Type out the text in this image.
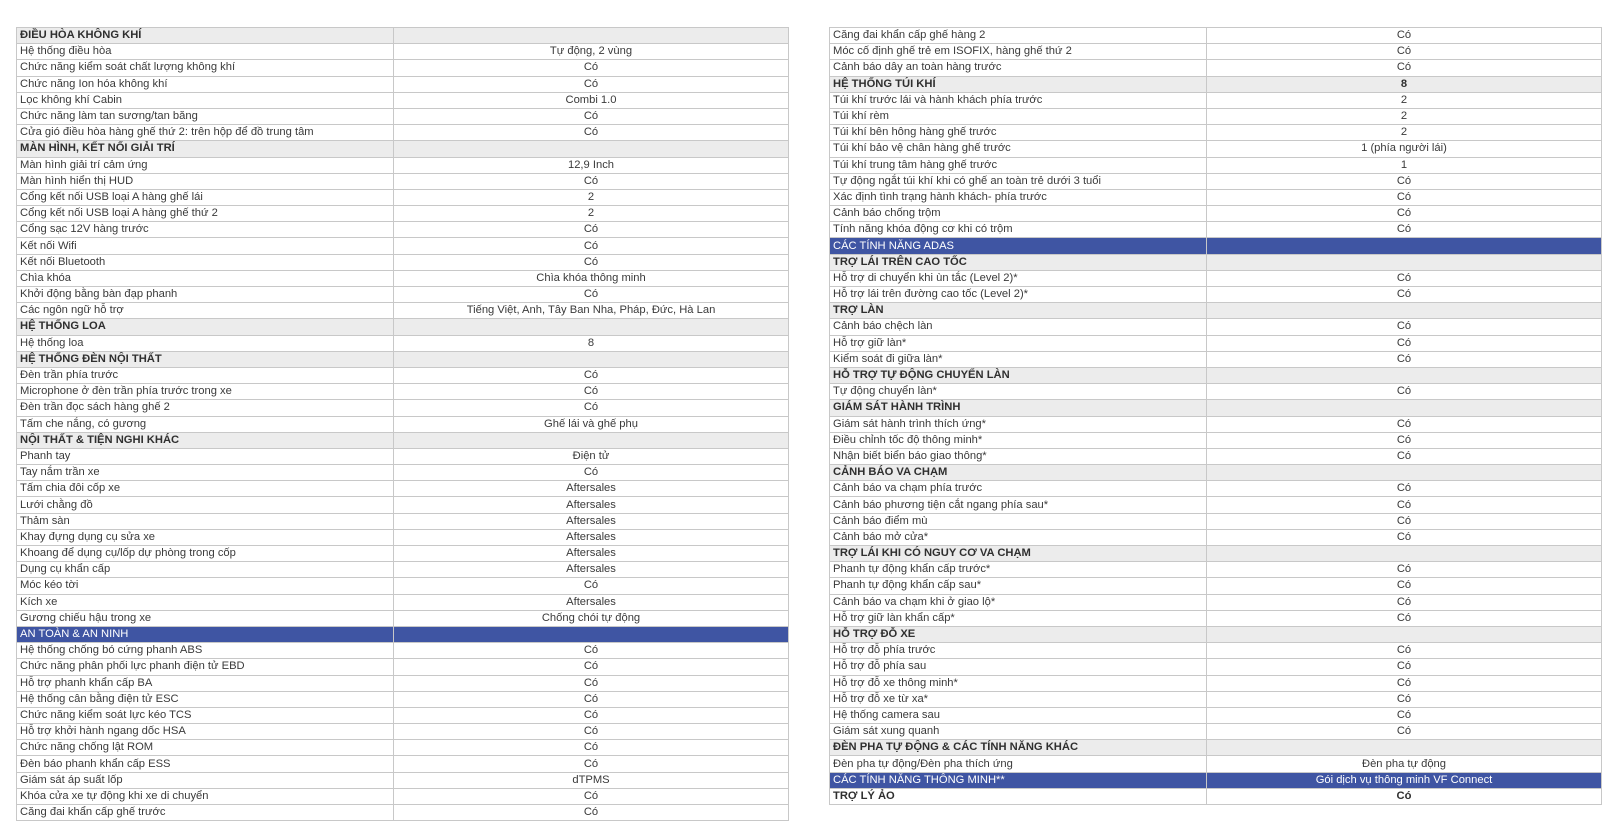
ĐIỀU HÒA KHÔNG KHÍ	
Hệ thống điều hòa	Tự động, 2 vùng
Chức năng kiểm soát chất lượng không khí	Có
Chức năng Ion hóa không khí	Có
Lọc không khí Cabin	Combi 1.0
Chức năng làm tan sương/tan băng	Có
Cửa gió điều hòa hàng ghế thứ 2: trên hộp để đồ trung tâm	Có
MÀN HÌNH, KẾT NỐI GIẢI TRÍ	
Màn hình giải trí cảm ứng	12,9 Inch
Màn hình hiển thị HUD	Có
Cổng kết nối USB loại A hàng ghế lái	2
Cổng kết nối USB loại A hàng ghế thứ 2	2
Cổng sạc 12V hàng trước	Có
Kết nối Wifi	Có
Kết nối Bluetooth	Có
Chìa khóa	Chìa khóa thông minh
Khởi động bằng bàn đạp phanh	Có
Các ngôn ngữ hỗ trợ	Tiếng Việt, Anh, Tây Ban Nha, Pháp, Đức, Hà Lan
HỆ THỐNG LOA	
Hệ thống loa	8
HỆ THỐNG ĐÈN NỘI THẤT	
Đèn trần phía trước	Có
Microphone ở đèn trần phía trước trong xe	Có
Đèn trần đọc sách hàng ghế 2	Có
Tấm che nắng, có gương	Ghế lái và ghế phụ
NỘI THẤT & TIỆN NGHI KHÁC	
Phanh tay	Điện tử
Tay nắm trần xe	Có
Tấm chia đôi cốp xe	Aftersales
Lưới chằng đồ	Aftersales
Thảm sàn	Aftersales
Khay đựng dụng cụ sửa xe	Aftersales
Khoang để dụng cụ/lốp dự phòng trong cốp	Aftersales
Dụng cụ khẩn cấp	Aftersales
Móc kéo tời	Có
Kích xe	Aftersales
Gương chiếu hậu trong xe	Chống chói tự động
AN TOÀN & AN NINH	
Hệ thống chống bó cứng phanh ABS	Có
Chức năng phân phối lực phanh điện tử EBD	Có
Hỗ trợ phanh khẩn cấp BA	Có
Hệ thống cân bằng điện tử ESC	Có
Chức năng kiểm soát lực kéo TCS	Có
Hỗ trợ khởi hành ngang dốc HSA	Có
Chức năng chống lật ROM	Có
Đèn báo phanh khẩn cấp ESS	Có
Giám sát áp suất lốp	dTPMS
Khóa cửa xe tự động khi xe di chuyển	Có
Căng đai khẩn cấp ghế trước	Có
Căng đai khẩn cấp ghế hàng 2	Có
Móc cố định ghế trẻ em ISOFIX, hàng ghế thứ 2	Có
Cảnh báo dây an toàn hàng trước	Có
HỆ THỐNG TÚI KHÍ	8
Túi khí trước lái và hành khách phía trước	2
Túi khí rèm	2
Túi khí bên hông hàng ghế trước	2
Túi khí bảo vệ chân hàng ghế trước	1 (phía người lái)
Túi khí trung tâm hàng ghế trước	1
Tự động ngắt túi khí khi có ghế an toàn trẻ dưới 3 tuổi	Có
Xác định tình trạng hành khách- phía trước	Có
Cảnh báo chống trộm	Có
Tính năng khóa động cơ khi có trộm	Có
CÁC TÍNH NĂNG ADAS	
TRỢ LÁI TRÊN CAO TỐC	
Hỗ trợ di chuyển khi ùn tắc (Level 2)*	Có
Hỗ trợ lái trên đường cao tốc (Level 2)*	Có
TRỢ LÀN	
Cảnh báo chệch làn	Có
Hỗ trợ giữ làn*	Có
Kiểm soát đi giữa làn*	Có
HỖ TRỢ TỰ ĐỘNG CHUYỂN LÀN	
Tự động chuyển làn*	Có
GIÁM SÁT HÀNH TRÌNH	
Giám sát hành trình thích ứng*	Có
Điều chỉnh tốc độ thông minh*	Có
Nhận biết biển báo giao thông*	Có
CẢNH BÁO VA CHẠM	
Cảnh báo va chạm phía trước	Có
Cảnh báo phương tiện cắt ngang phía sau*	Có
Cảnh báo điểm mù	Có
Cảnh báo mở cửa*	Có
TRỢ LÁI KHI CÓ NGUY CƠ VA CHẠM	
Phanh tự động khẩn cấp trước*	Có
Phanh tự động khẩn cấp sau*	Có
Cảnh báo va chạm khi ở giao lộ*	Có
Hỗ trợ giữ làn khẩn cấp*	Có
HỖ TRỢ ĐỖ XE	
Hỗ trợ đỗ phía trước	Có
Hỗ trợ đỗ phía sau	Có
Hỗ trợ đỗ xe thông minh*	Có
Hỗ trợ đỗ xe từ xa*	Có
Hệ thống camera sau	Có
Giám sát xung quanh	Có
ĐÈN PHA TỰ ĐỘNG & CÁC TÍNH NĂNG KHÁC	
Đèn pha tự động/Đèn pha thích ứng	Đèn pha tự động
CÁC TÍNH NĂNG THÔNG MINH**	Gói dịch vụ thông minh VF Connect
TRỢ LÝ ẢO	Có
